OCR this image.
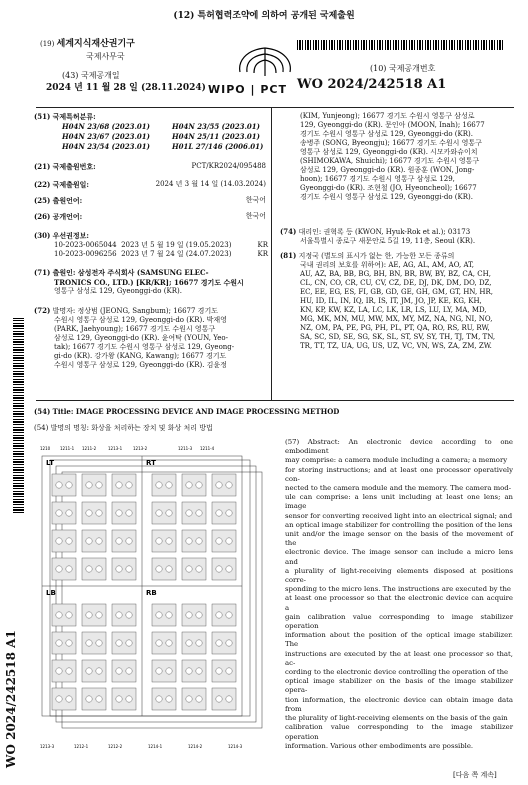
(12) 특허협력조약에 의하여 공개된 국제출원
(19) 세계지식재산권기구
국제사무국
(43) 국제공개일
2024 년 11 월 28 일 (28.11.2024) WIPO | PCT
(10) 국제공개번호
WO 2024/242518 A1
(51) 국제특허분류:
H04N 23/68 (2023.01)	H04N 23/55 (2023.01)
H04N 23/67 (2023.01)	H04N 25/11 (2023.01)
H04N 23/54 (2023.01)	H01L 27/146 (2006.01)
(21) 국제출원번호:	PCT/KR2024/095488
(22) 국제출원일:	2024 년 3 월 14 일 (14.03.2024)
(25) 출원언어:	한국어
(26) 공개언어:	한국어
(30) 우선권정보:
10-2023-0065044 2023 년 5 월 19 일 (19.05.2023)	KR
10-2023-0096256 2023 년 7 월 24 일 (24.07.2023)	KR
(71) 출원인: 삼성전자 주식회사 (SAMSUNG ELEC-
TRONICS CO., LTD.) [KR/KR]; 16677 경기도 수원시
영통구 삼성로 129, Gyeonggi-do (KR).
(72) 발명자: 정상범 (JEONG, Sangbum); 16677 경기도
수원시 영통구 삼성로 129, Gyeonggi-do (KR). 박재영
(PARK, Jaehyoung); 16677 경기도 수원시 영통구
삼성로 129, Gyeonggi-do (KR). 윤여탁 (YOUN, Yeo-
tak); 16677 경기도 수원시 영통구 삼성로 129, Gyeong-
gi-do (KR). 강가왕 (KANG, Kawang); 16677 경기도
수원시 영통구 삼성로 129, Gyeonggi-do (KR). 김윤정
(KIM, Yunjeong); 16677 경기도 수원시 영통구 삼성로
129, Gyeonggi-do (KR). 문인아 (MOON, Inah); 16677
경기도 수원시 영통구 삼성로 129, Gyeonggi-do (KR).
송병주 (SONG, Byeongju); 16677 경기도 수원시 영통구
영통구 삼성로 129, Gyeonggi-do (KR). 시모카와슈이치
(SHIMOKAWA, Shuichi); 16677 경기도 수원시 영통구
삼성로 129, Gyeonggi-do (KR). 원종훈 (WON, Jong-
hoon); 16677 경기도 수원시 영통구 삼성로 129,
Gyeonggi-do (KR). 조현철 (JO, Hyeoncheol); 16677
경기도 수원시 영통구 삼성로 129, Gyeonggi-do (KR).
(74) 대리인: 권혁록 등 (KWON, Hyuk-Rok et al.); 03173
서울특별시 종로구 새문안로 5길 19, 11층, Seoul (KR).
(81) 지정국 (별도의 표시가 없는 한, 가능한 모든 종류의
국내 권리의 보호를 위하여): AE, AG, AL, AM, AO, AT,
AU, AZ, BA, BB, BG, BH, BN, BR, BW, BY, BZ, CA, CH,
CL, CN, CO, CR, CU, CV, CZ, DE, DJ, DK, DM, DO, DZ,
EC, EE, EG, ES, FI, GB, GD, GE, GH, GM, GT, HN, HR,
HU, ID, IL, IN, IQ, IR, IS, IT, JM, JO, JP, KE, KG, KH,
KN, KP, KW, KZ, LA, LC, LK, LR, LS, LU, LY, MA, MD,
MG, MK, MN, MU, MW, MX, MY, MZ, NA, NG, NI, NO,
NZ, OM, PA, PE, PG, PH, PL, PT, QA, RO, RS, RU, RW,
SA, SC, SD, SE, SG, SK, SL, ST, SV, SY, TH, TJ, TM, TN,
TR, TT, TZ, UA, UG, US, UZ, VC, VN, WS, ZA, ZM, ZW.
(54) Title: IMAGE PROCESSING DEVICE AND IMAGE PROCESSING METHOD
(54) 발명의 명칭: 화상을 처리하는 장치 및 화상 처리 방법
LT	RT
LB	RB
1210 1211-1 1211-2	1211-3 1211-4
1213-1	1213-2
1213-3	1212-1	1212-2	1214-1	1214-2	1214-3
(57) Abstract: An electronic device according to one embodiment
may comprise: a camera module including a camera; a memory
for storing instructions; and at least one processor operatively con-
nected to the camera module and the memory. The camera mod-
ule can comprise: a lens unit including at least one lens; an image
sensor for converting received light into an electrical signal; and
an optical image stabilizer for controlling the position of the lens
unit and/or the image sensor on the basis of the movement of the
electronic device. The image sensor can include a micro lens and
a plurality of light-receiving elements disposed at positions corre-
sponding to the micro lens. The instructions are executed by the
at least one processor so that the electronic device can acquire a
gain calibration value corresponding to image stabilizer operation
information about the position of the optical image stabilizer. The
instructions are executed by the at least one processor so that, ac-
cording to the electronic device controlling the operation of the
optical image stabilizer on the basis of the image stabilizer opera-
tion information, the electronic device can obtain image data from
the plurality of light-receiving elements on the basis of the gain
calibration value corresponding to the image stabilizer operation
information. Various other embodiments are possible.
WO 2024/242518 A1
[다음 쪽 계속]
